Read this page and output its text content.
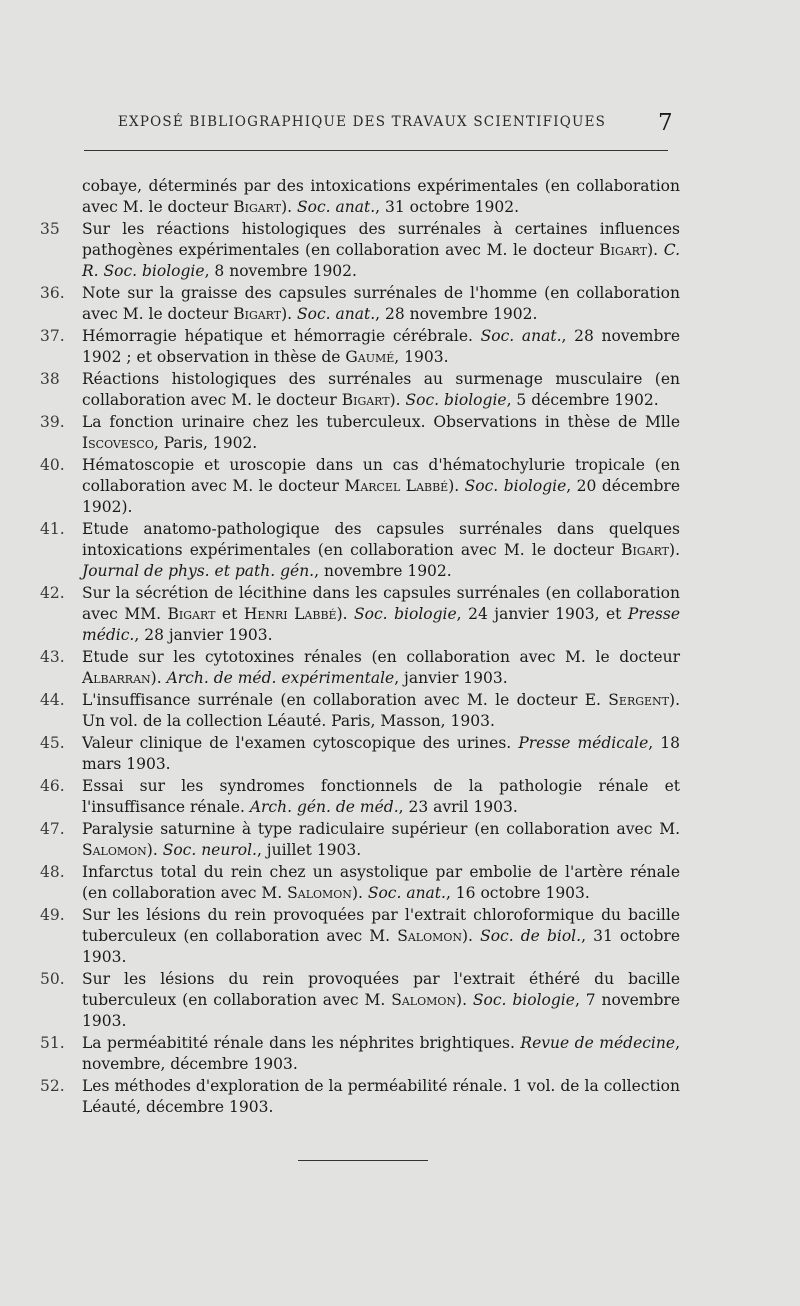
EXPOSÉ BIBLIOGRAPHIQUE DES TRAVAUX SCIENTIFIQUES	7
cobaye, déterminés par des intoxications expérimentales (en collaboration avec M. le docteur Bigart). Soc. anat., 31 octobre 1902.
35	Sur les réactions histologiques des surrénales à certaines influences pathogènes expérimentales (en collaboration avec M. le docteur Bigart). C. R. Soc. biologie, 8 novembre 1902.
36.	Note sur la graisse des capsules surrénales de l'homme (en collaboration avec M. le docteur Bigart). Soc. anat., 28 novembre 1902.
37.	Hémorragie hépatique et hémorragie cérébrale. Soc. anat., 28 novembre 1902 ; et observation in thèse de Gaumé, 1903.
38	Réactions histologiques des surrénales au surmenage musculaire (en collaboration avec M. le docteur Bigart). Soc. biologie, 5 décembre 1902.
39.	La fonction urinaire chez les tuberculeux. Observations in thèse de Mlle Iscovesco, Paris, 1902.
40.	Hématoscopie et uroscopie dans un cas d'hématochylurie tropicale (en collaboration avec M. le docteur Marcel Labbé). Soc. biologie, 20 décembre 1902).
41.	Etude anatomo-pathologique des capsules surrénales dans quelques intoxications expérimentales (en collaboration avec M. le docteur Bigart). Journal de phys. et path. gén., novembre 1902.
42.	Sur la sécrétion de lécithine dans les capsules surrénales (en collaboration avec MM. Bigart et Henri Labbé). Soc. biologie, 24 janvier 1903, et Presse médic., 28 janvier 1903.
43.	Etude sur les cytotoxines rénales (en collaboration avec M. le docteur Albarran). Arch. de méd. expérimentale, janvier 1903.
44.	L'insuffisance surrénale (en collaboration avec M. le docteur E. Sergent). Un vol. de la collection Léauté. Paris, Masson, 1903.
45.	Valeur clinique de l'examen cytoscopique des urines. Presse médicale, 18 mars 1903.
46.	Essai sur les syndromes fonctionnels de la pathologie rénale et l'insuffisance rénale. Arch. gén. de méd., 23 avril 1903.
47.	Paralysie saturnine à type radiculaire supérieur (en collaboration avec M. Salomon). Soc. neurol., juillet 1903.
48.	Infarctus total du rein chez un asystolique par embolie de l'artère rénale (en collaboration avec M. Salomon). Soc. anat., 16 octobre 1903.
49.	Sur les lésions du rein provoquées par l'extrait chloroformique du bacille tuberculeux (en collaboration avec M. Salomon). Soc. de biol., 31 octobre 1903.
50.	Sur les lésions du rein provoquées par l'extrait éthéré du bacille tuberculeux (en collaboration avec M. Salomon). Soc. biologie, 7 novembre 1903.
51.	La perméabitité rénale dans les néphrites brightiques. Revue de médecine, novembre, décembre 1903.
52.	Les méthodes d'exploration de la perméabilité rénale. 1 vol. de la collection Léauté, décembre 1903.
